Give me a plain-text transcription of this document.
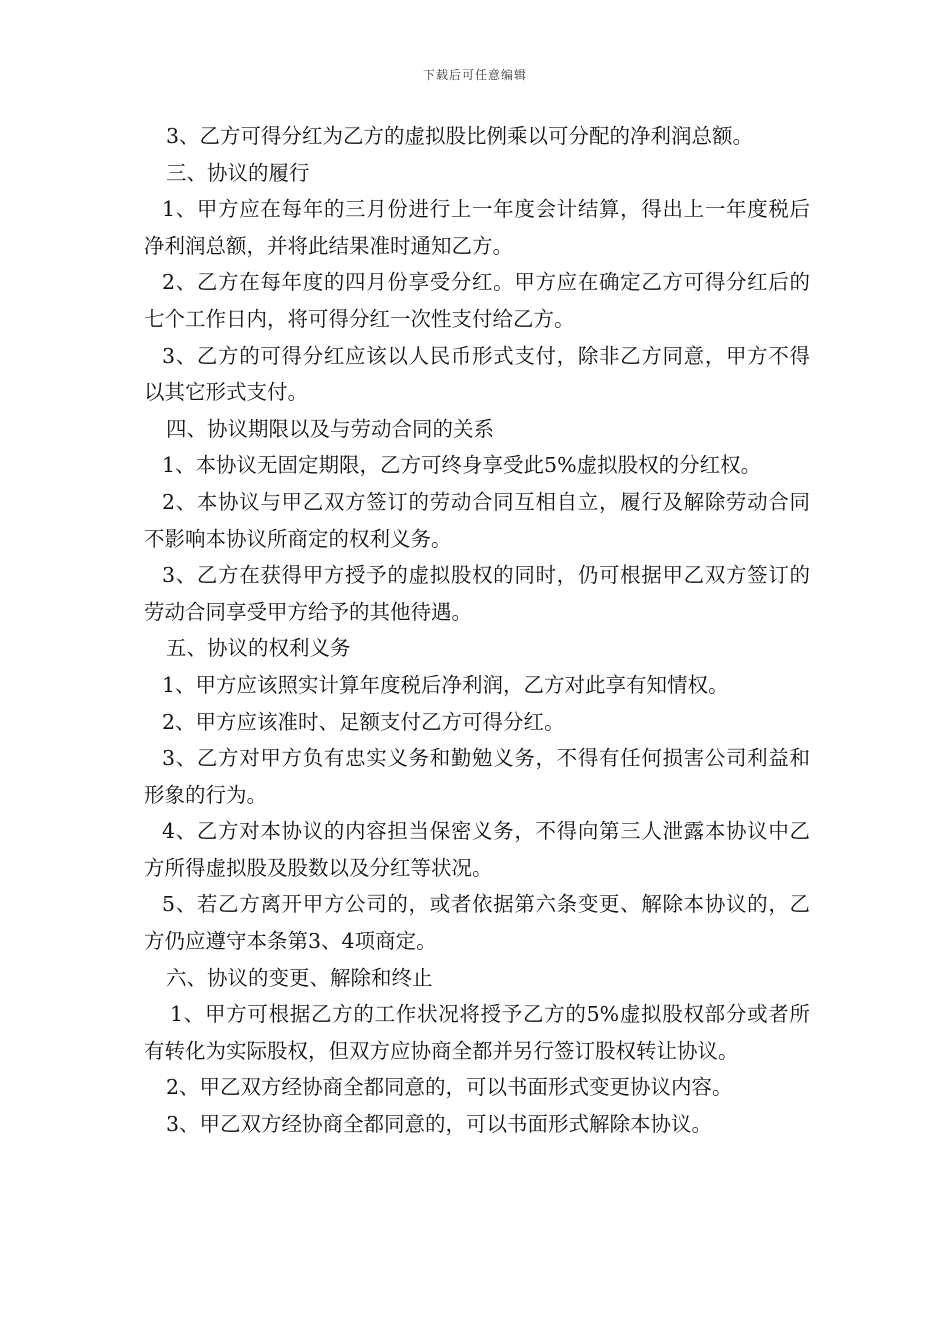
下载后可任意编辑

3、乙方可得分红为乙方的虚拟股比例乘以可分配的净利润总额。

三、协议的履行

1、甲方应在每年的三月份进行上一年度会计结算，得出上一年度税后净利润总额，并将此结果准时通知乙方。

2、乙方在每年度的四月份享受分红。甲方应在确定乙方可得分红后的七个工作日内，将可得分红一次性支付给乙方。

3、乙方的可得分红应该以人民币形式支付，除非乙方同意，甲方不得以其它形式支付。

四、协议期限以及与劳动合同的关系

1、本协议无固定期限，乙方可终身享受此5%虚拟股权的分红权。

2、本协议与甲乙双方签订的劳动合同互相自立，履行及解除劳动合同不影响本协议所商定的权利义务。

3、乙方在获得甲方授予的虚拟股权的同时，仍可根据甲乙双方签订的劳动合同享受甲方给予的其他待遇。

五、协议的权利义务

1、甲方应该照实计算年度税后净利润，乙方对此享有知情权。

2、甲方应该准时、足额支付乙方可得分红。

3、乙方对甲方负有忠实义务和勤勉义务，不得有任何损害公司利益和形象的行为。

4、乙方对本协议的内容担当保密义务，不得向第三人泄露本协议中乙方所得虚拟股及股数以及分红等状况。

5、若乙方离开甲方公司的，或者依据第六条变更、解除本协议的，乙方仍应遵守本条第3、4项商定。

六、协议的变更、解除和终止

1、甲方可根据乙方的工作状况将授予乙方的5%虚拟股权部分或者所有转化为实际股权，但双方应协商全都并另行签订股权转让协议。

2、甲乙双方经协商全都同意的，可以书面形式变更协议内容。

3、甲乙双方经协商全都同意的，可以书面形式解除本协议。
